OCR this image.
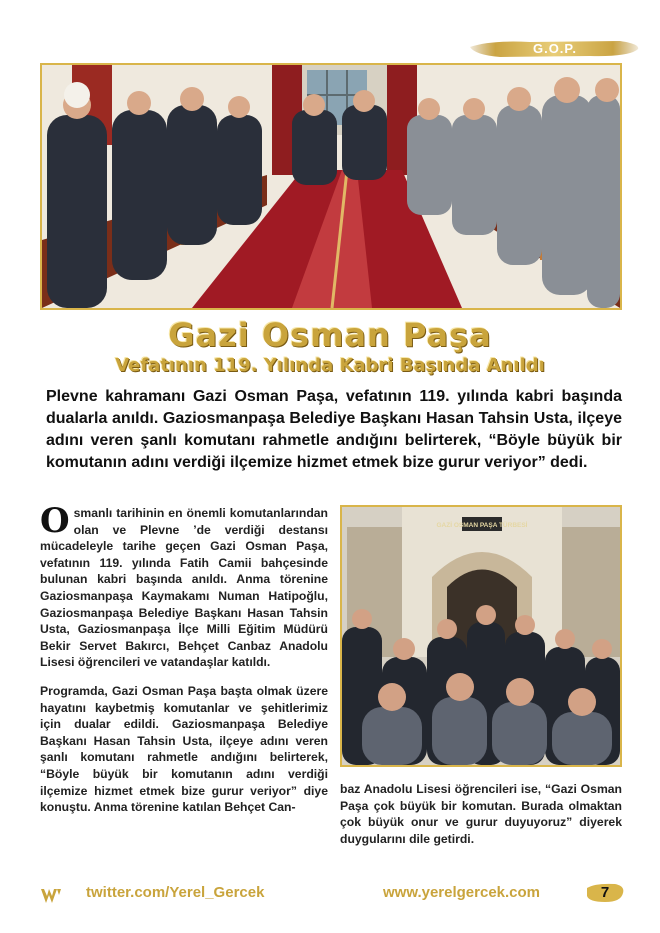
G.O.P.
Gazi Osman Paşa
Vefatının 119. Yılında Kabri Başında Anıldı
Plevne kahramanı Gazi Osman Paşa, vefatının 119. yılında kabri başında dualarla anıldı. Gaziosmanpaşa Belediye Başkanı Hasan Tahsin Usta, ilçeye adını veren şanlı komutanı rahmetle andığını belirterek, “Böyle büyük bir komutanın adını verdiği ilçemize hizmet etmek bize gurur veriyor” dedi.

Osmanlı tarihinin en önemli komutanlarından olan ve Plevne ’de verdiği destansı mücadeleyle tarihe geçen Gazi Osman Paşa, vefatının 119. yılında Fatih Camii bahçesinde bulunan kabri başında anıldı. Anma törenine Gaziosmanpaşa Kaymakamı Numan Hatipoğlu, Gaziosmanpaşa Belediye Başkanı Hasan Tahsin Usta, Gaziosmanpaşa İlçe Milli Eğitim Müdürü Bekir Servet Bakırcı, Behçet Canbaz Anadolu Lisesi öğrencileri ve vatandaşlar katıldı.

Programda, Gazi Osman Paşa başta olmak üzere hayatını kaybetmiş komutanlar ve şehitlerimiz için dualar edildi. Gaziosmanpaşa Belediye Başkanı Hasan Tahsin Usta, ilçeye adını veren şanlı komutanı rahmetle andığını belirterek, “Böyle büyük bir komutanın adını verdiği ilçemize hizmet etmek bize gurur veriyor” diye konuştu. Anma törenine katılan Behçet Can-

GAZİ OSMAN PAŞA TÜRBESİ

baz Anadolu Lisesi öğrencileri ise, “Gazi Osman Paşa çok büyük bir komutan. Burada olmaktan çok büyük onur ve gurur duyuyoruz” diyerek duygularını dile getirdi.

twitter.com/Yerel_Gercek	www.yerelgercek.com	7
